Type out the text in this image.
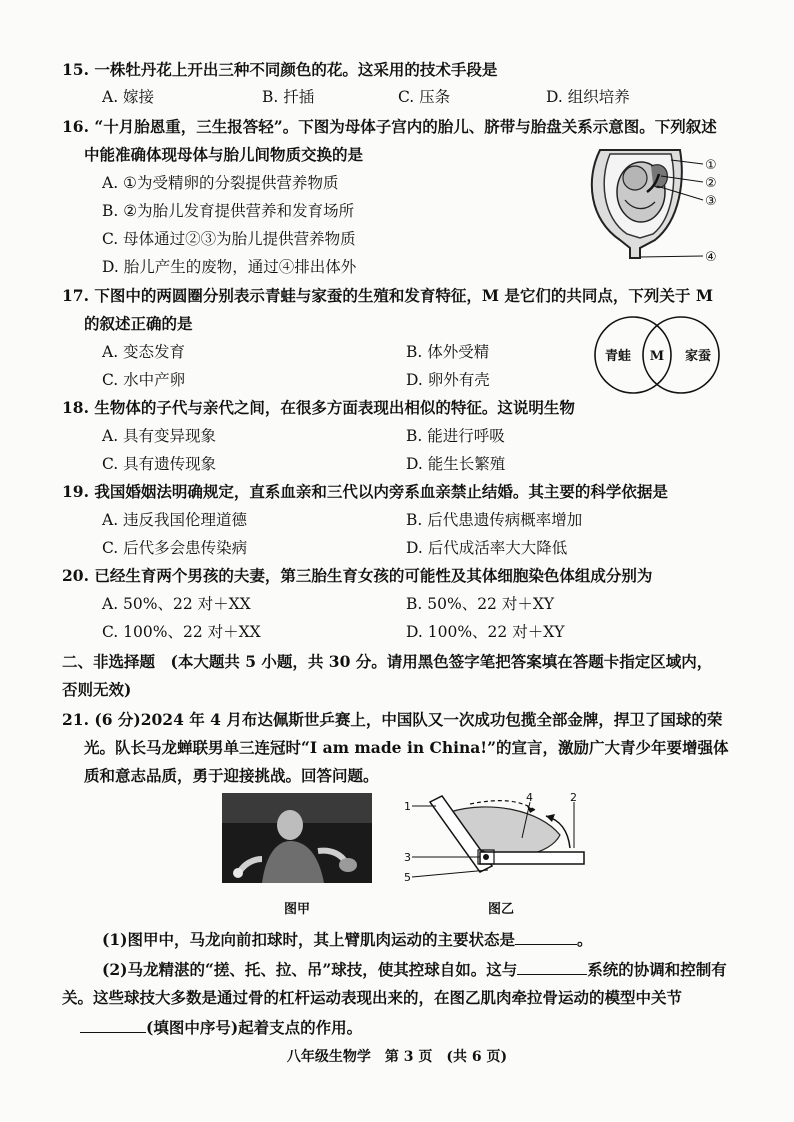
15. 一株牡丹花上开出三种不同颜色的花。这采用的技术手段是
A. 嫁接	B. 扦插	C. 压条	D. 组织培养
16. “十月胎恩重，三生报答轻”。下图为母体子宫内的胎儿、脐带与胎盘关系示意图。下列叙述
中能准确体现母体与胎儿间物质交换的是
A. ①为受精卵的分裂提供营养物质
B. ②为胎儿发育提供营养和发育场所
C. 母体通过②③为胎儿提供营养物质
D. 胎儿产生的废物，通过④排出体外
①
②
③
④
17. 下图中的两圆圈分别表示青蛙与家蚕的生殖和发育特征，M 是它们的共同点，下列关于 M
的叙述正确的是
A. 变态发育	B. 体外受精
C. 水中产卵	D. 卵外有壳
青蛙 M 家蚕
18. 生物体的子代与亲代之间，在很多方面表现出相似的特征。这说明生物
A. 具有变异现象	B. 能进行呼吸
C. 具有遗传现象	D. 能生长繁殖
19. 我国婚姻法明确规定，直系血亲和三代以内旁系血亲禁止结婚。其主要的科学依据是
A. 违反我国伦理道德	B. 后代患遗传病概率增加
C. 后代多会患传染病	D. 后代成活率大大降低
20. 已经生育两个男孩的夫妻，第三胎生育女孩的可能性及其体细胞染色体组成分别为
A. 50%、22 对＋XX	B. 50%、22 对＋XY
C. 100%、22 对＋XX	D. 100%、22 对＋XY
二、非选择题　(本大题共 5 小题，共 30 分。请用黑色签字笔把答案填在答题卡指定区域内，
否则无效)
21. (6 分)2024 年 4 月布达佩斯世乒赛上，中国队又一次成功包揽全部金牌，捍卫了国球的荣
光。队长马龙蝉联男单三连冠时“I am made in China!”的宣言，激励广大青少年要增强体
质和意志品质，勇于迎接挑战。回答问题。
图甲
1
2
3
4
5
图乙
(1)图甲中，马龙向前扣球时，其上臂肌肉运动的主要状态是	。
(2)马龙精湛的“搓、托、拉、吊”球技，使其控球自如。这与	系统的协调和控制有
关。这些球技大多数是通过骨的杠杆运动表现出来的，在图乙肌肉牵拉骨运动的模型中关节
(填图中序号)起着支点的作用。
八年级生物学　第 3 页　(共 6 页)
